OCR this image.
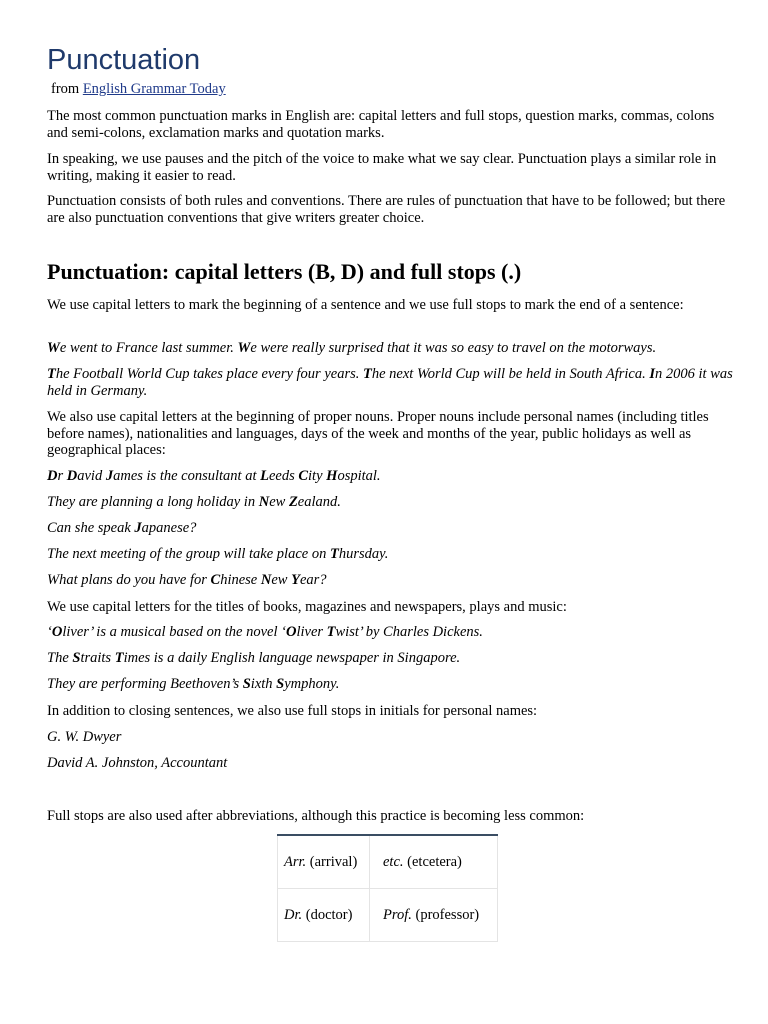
Punctuation
from English Grammar Today

The most common punctuation marks in English are: capital letters and full stops, question marks, commas, colons and semi-colons, exclamation marks and quotation marks.

In speaking, we use pauses and the pitch of the voice to make what we say clear. Punctuation plays a similar role in writing, making it easier to read.

Punctuation consists of both rules and conventions. There are rules of punctuation that have to be followed; but there are also punctuation conventions that give writers greater choice.

Punctuation: capital letters (B, D) and full stops (.)

We use capital letters to mark the beginning of a sentence and we use full stops to mark the end of a sentence:

We went to France last summer. We were really surprised that it was so easy to travel on the motorways.

The Football World Cup takes place every four years. The next World Cup will be held in South Africa. In 2006 it was held in Germany.

We also use capital letters at the beginning of proper nouns. Proper nouns include personal names (including titles before names), nationalities and languages, days of the week and months of the year, public holidays as well as geographical places:

Dr David James is the consultant at Leeds City Hospital.

They are planning a long holiday in New Zealand.

Can she speak Japanese?

The next meeting of the group will take place on Thursday.

What plans do you have for Chinese New Year?

We use capital letters for the titles of books, magazines and newspapers, plays and music:

‘Oliver’ is a musical based on the novel ‘Oliver Twist’ by Charles Dickens.

The Straits Times is a daily English language newspaper in Singapore.

They are performing Beethoven’s Sixth Symphony.

In addition to closing sentences, we also use full stops in initials for personal names:

G. W. Dwyer

David A. Johnston, Accountant

Full stops are also used after abbreviations, although this practice is becoming less common:

Arr. (arrival)	etc. (etcetera)
Dr. (doctor)	Prof. (professor)
